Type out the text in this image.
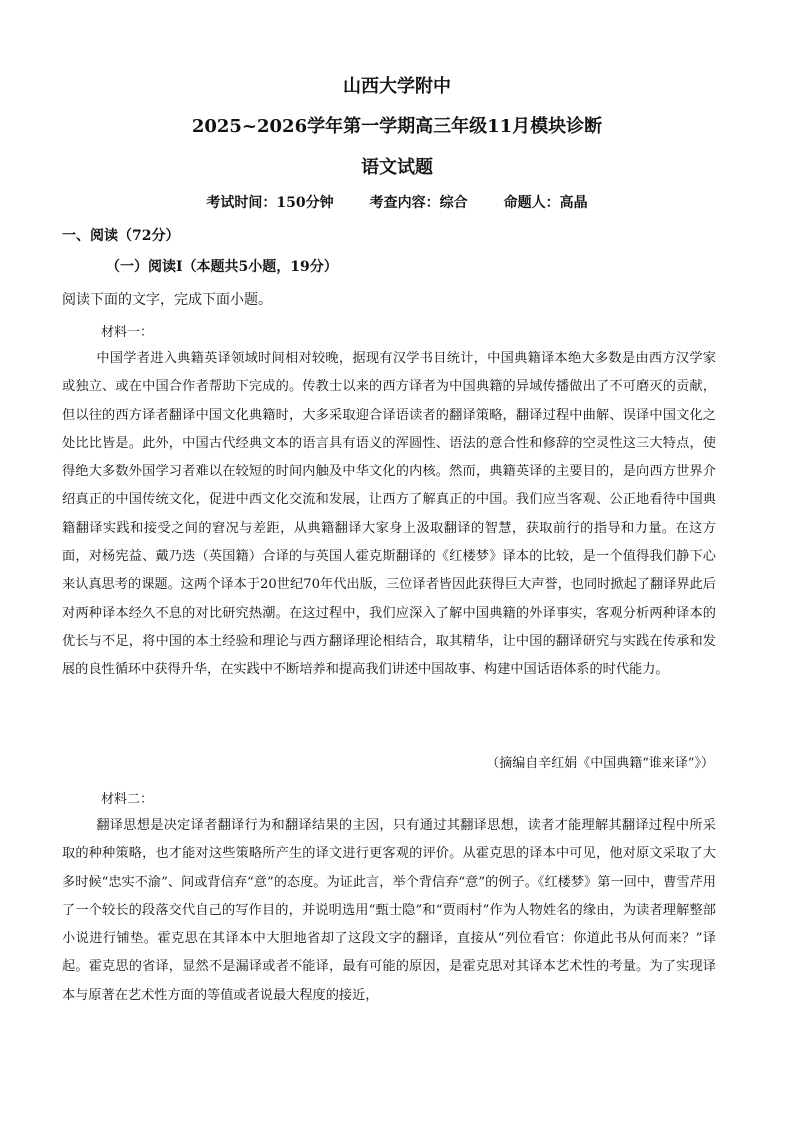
山西大学附中
2025~2026学年第一学期高三年级11月模块诊断
语文试题
考试时间：150分钟	考查内容：综合	命题人：高晶
一、阅读（72分）
（一）阅读Ⅰ（本题共5小题，19分）
阅读下面的文字，完成下面小题。
材料一：

中国学者进入典籍英译领域时间相对较晚，据现有汉学书目统计，中国典籍译本绝大多数是由西方汉学家或独立、或在中国合作者帮助下完成的。传教士以来的西方译者为中国典籍的异域传播做出了不可磨灭的贡献，但以往的西方译者翻译中国文化典籍时，大多采取迎合译语读者的翻译策略，翻译过程中曲解、误译中国文化之处比比皆是。此外，中国古代经典文本的语言具有语义的浑圆性、语法的意合性和修辞的空灵性这三大特点，使得绝大多数外国学习者难以在较短的时间内触及中华文化的内核。然而，典籍英译的主要目的，是向西方世界介绍真正的中国传统文化，促进中西文化交流和发展，让西方了解真正的中国。我们应当客观、公正地看待中国典籍翻译实践和接受之间的窘况与差距，从典籍翻译大家身上汲取翻译的智慧，获取前行的指导和力量。在这方面，对杨宪益、戴乃迭（英国籍）合译的与英国人霍克斯翻译的《红楼梦》译本的比较，是一个值得我们静下心来认真思考的课题。这两个译本于20世纪70年代出版，三位译者皆因此获得巨大声誉，也同时掀起了翻译界此后对两种译本经久不息的对比研究热潮。在这过程中，我们应深入了解中国典籍的外译事实，客观分析两种译本的优长与不足，将中国的本土经验和理论与西方翻译理论相结合，取其精华，让中国的翻译研究与实践在传承和发展的良性循环中获得升华，在实践中不断培养和提高我们讲述中国故事、构建中国话语体系的时代能力。

（摘编自辛红娟《中国典籍“谁来译”》）
材料二：

翻译思想是决定译者翻译行为和翻译结果的主因，只有通过其翻译思想，读者才能理解其翻译过程中所采取的种种策略，也才能对这些策略所产生的译文进行更客观的评价。从霍克思的译本中可见，他对原文采取了大多时候“忠实不渝”、间或背信弃“意”的态度。为证此言，举个背信弃“意”的例子。《红楼梦》第一回中，曹雪芹用了一个较长的段落交代自己的写作目的，并说明选用“甄士隐”和“贾雨村”作为人物姓名的缘由，为读者理解整部小说进行铺垫。霍克思在其译本中大胆地省却了这段文字的翻译，直接从“列位看官：你道此书从何而来？”译起。霍克思的省译，显然不是漏译或者不能译，最有可能的原因，是霍克思对其译本艺术性的考量。为了实现译本与原著在艺术性方面的等值或者说最大程度的接近，
